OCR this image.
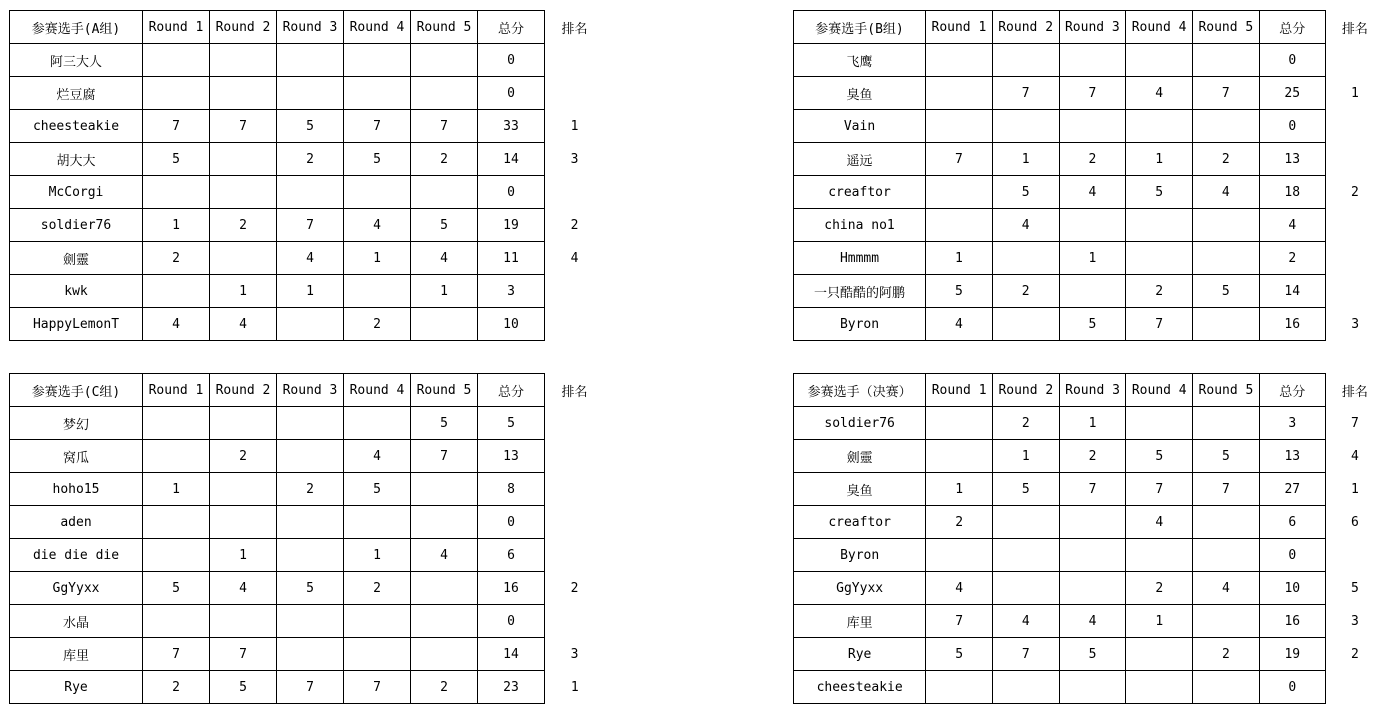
参赛选手(A组)	Round 1	Round 2	Round 3	Round 4	Round 5	总分	排名
阿三大人						0	
烂豆腐						0	
cheesteakie	7	7	5	7	7	33	1
胡大大	5		2	5	2	14	3
McCorgi						0	
soldier76	1	2	7	4	5	19	2
劍靈	2		4	1	4	11	4
kwk		1	1		1	3	
HappyLemonT	4	4		2		10	
参赛选手(B组)	Round 1	Round 2	Round 3	Round 4	Round 5	总分	排名
飞鹰						0	
臭鱼		7	7	4	7	25	1
Vain						0	
遥远	7	1	2	1	2	13	
creaftor		5	4	5	4	18	2
china no1		4				4	
Hmmmm	1		1			2	
一只酷酷的阿鹏	5	2		2	5	14	
Byron	4		5	7		16	3
参赛选手(C组)	Round 1	Round 2	Round 3	Round 4	Round 5	总分	排名
梦幻					5	5	
窝瓜		2		4	7	13	
hoho15	1		2	5		8	
aden						0	
die die die		1		1	4	6	
GgYyxx	5	4	5	2		16	2
水晶						0	
库里	7	7				14	3
Rye	2	5	7	7	2	23	1
参赛选手（决赛）	Round 1	Round 2	Round 3	Round 4	Round 5	总分	排名
soldier76		2	1			3	7
劍靈		1	2	5	5	13	4
臭鱼	1	5	7	7	7	27	1
creaftor	2			4		6	6
Byron						0	
GgYyxx	4			2	4	10	5
库里	7	4	4	1		16	3
Rye	5	7	5		2	19	2
cheesteakie						0	
